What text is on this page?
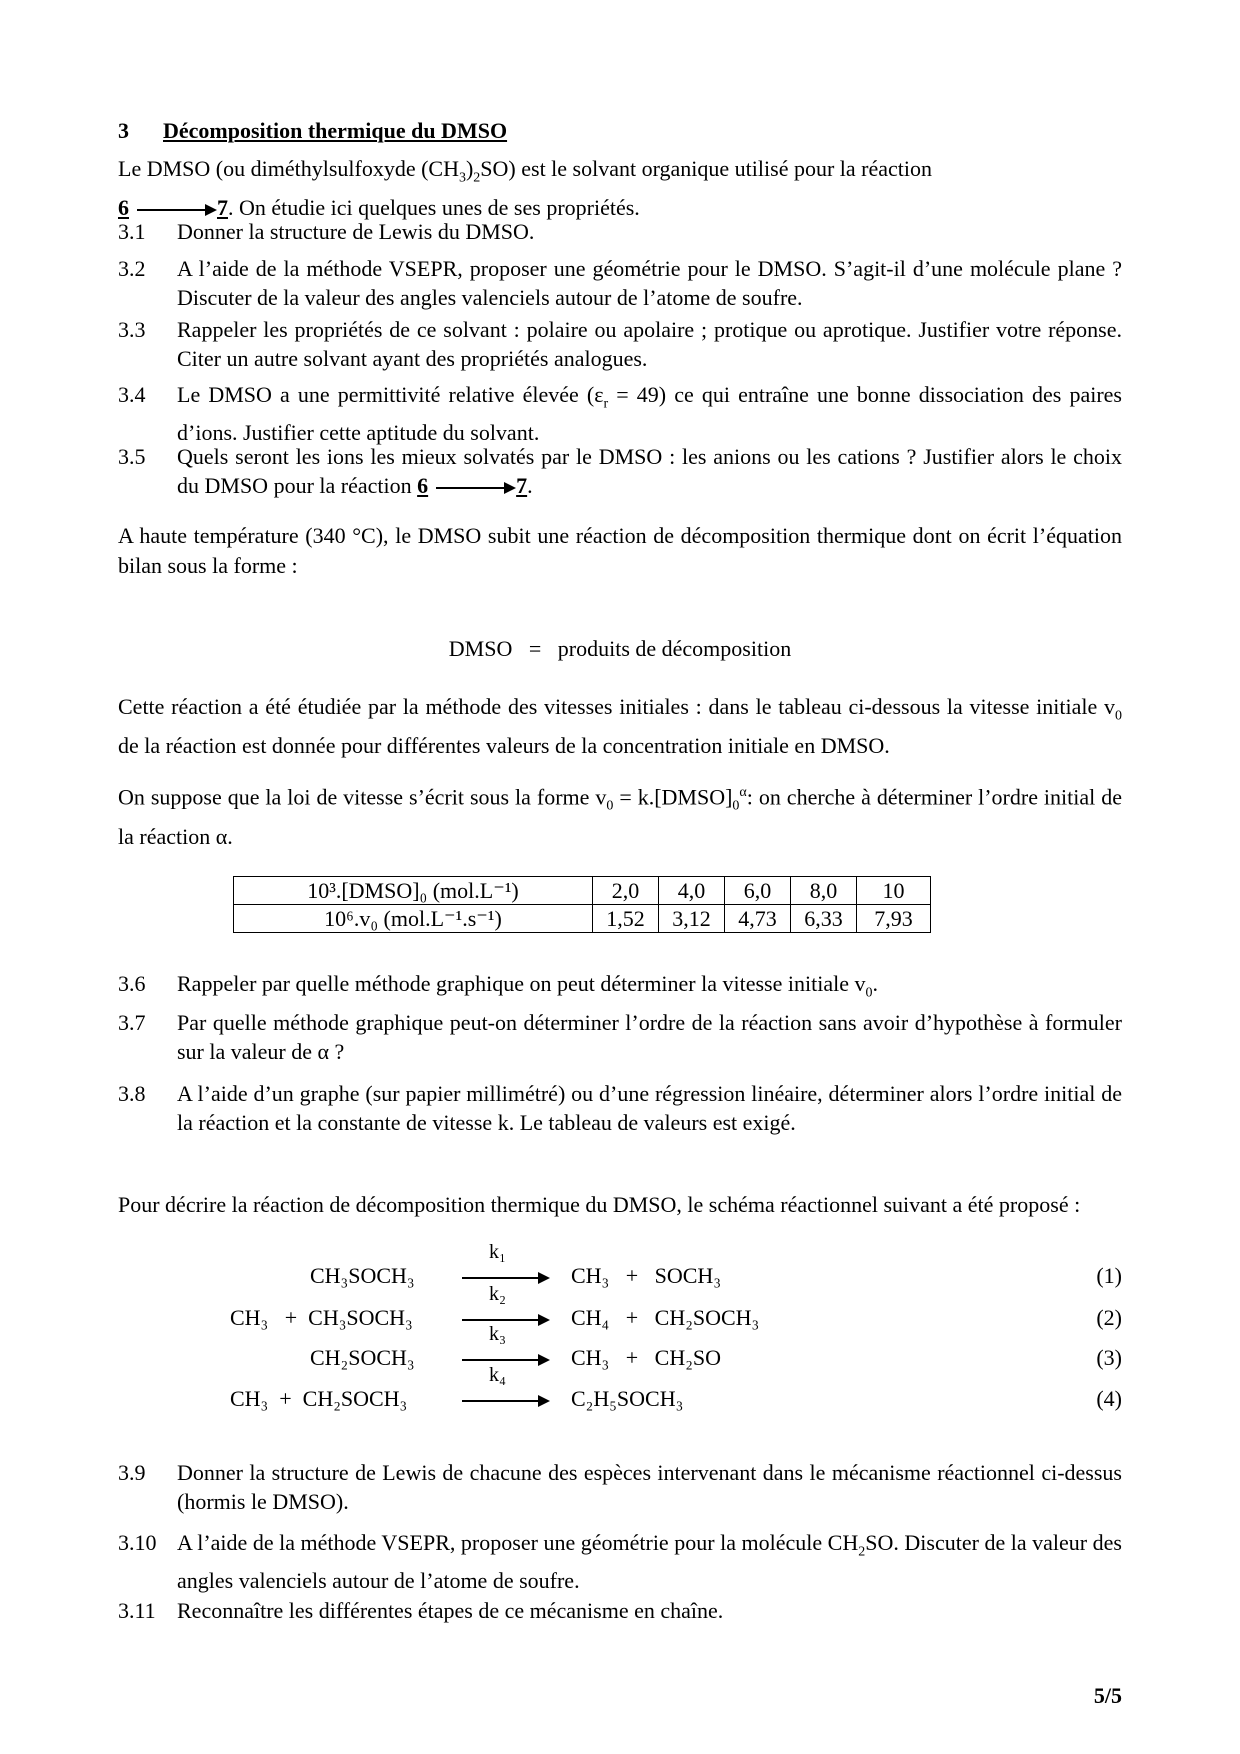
3 Décomposition thermique du DMSO
Le DMSO (ou diméthylsulfoxyde $(CH_3)_2SO$) est le solvant organique utilisé pour la réaction
6 → 7. On étudie ici quelques unes de ses propriétés.
3.1 Donner la structure de Lewis du DMSO.
3.2 A l’aide de la méthode VSEPR, proposer une géométrie pour le DMSO. S’agit-il d’une molécule plane ? Discuter de la valeur des angles valenciels autour de l’atome de soufre.
3.3 Rappeler les propriétés de ce solvant : polaire ou apolaire ; protique ou aprotique. Justifier votre réponse. Citer un autre solvant ayant des propriétés analogues.
3.4 Le DMSO a une permittivité relative élevée $(\varepsilon_r = 49)$ ce qui entraîne une bonne dissociation des paires d’ions. Justifier cette aptitude du solvant.
3.5 Quels seront les ions les mieux solvatés par le DMSO : les anions ou les cations ? Justifier alors le choix du DMSO pour la réaction 6 → 7.
A haute température (340 °C), le DMSO subit une réaction de décomposition thermique dont on écrit l’équation bilan sous la forme :
DMSO   =   produits de décomposition
Cette réaction a été étudiée par la méthode des vitesses initiales : dans le tableau ci-dessous la vitesse initiale $v_0$ de la réaction est donnée pour différentes valeurs de la concentration initiale en DMSO.
On suppose que la loi de vitesse s’écrit sous la forme $v_0$ = $k.[DMSO]_0^\alpha$: on cherche à déterminer l’ordre initial de la réaction α.
10³.[DMSO]₀ (mol.L⁻¹)	2,0	4,0	6,0	8,0	10
10⁶.v₀ (mol.L⁻¹.s⁻¹)	1,52	3,12	4,73	6,33	7,93
3.6 Rappeler par quelle méthode graphique on peut déterminer la vitesse initiale $v_0$.
3.7 Par quelle méthode graphique peut-on déterminer l’ordre de la réaction sans avoir d’hypothèse à formuler sur la valeur de α ?
3.8 A l’aide d’un graphe (sur papier millimétré) ou d’une régression linéaire, déterminer alors l’ordre initial de la réaction et la constante de vitesse k. Le tableau de valeurs est exigé.
Pour décrire la réaction de décomposition thermique du DMSO, le schéma réactionnel suivant a été proposé :
CH₃SOCH₃
k₁
CH₃   +   SOCH₃	(1)
CH₃   +  CH₃SOCH₃
k₂
CH₄   +   CH₂SOCH₃	(2)
CH₂SOCH₃
k₃
CH₃   +   CH₂SO	(3)
CH₃  +  CH₂SOCH₃
k₄
C₂H₅SOCH₃	(4)
3.9 Donner la structure de Lewis de chacune des espèces intervenant dans le mécanisme réactionnel ci-dessus (hormis le DMSO).
3.10 A l’aide de la méthode VSEPR, proposer une géométrie pour la molécule $CH_2SO$. Discuter de la valeur des angles valenciels autour de l’atome de soufre.
3.11 Reconnaître les différentes étapes de ce mécanisme en chaîne.
5/5
